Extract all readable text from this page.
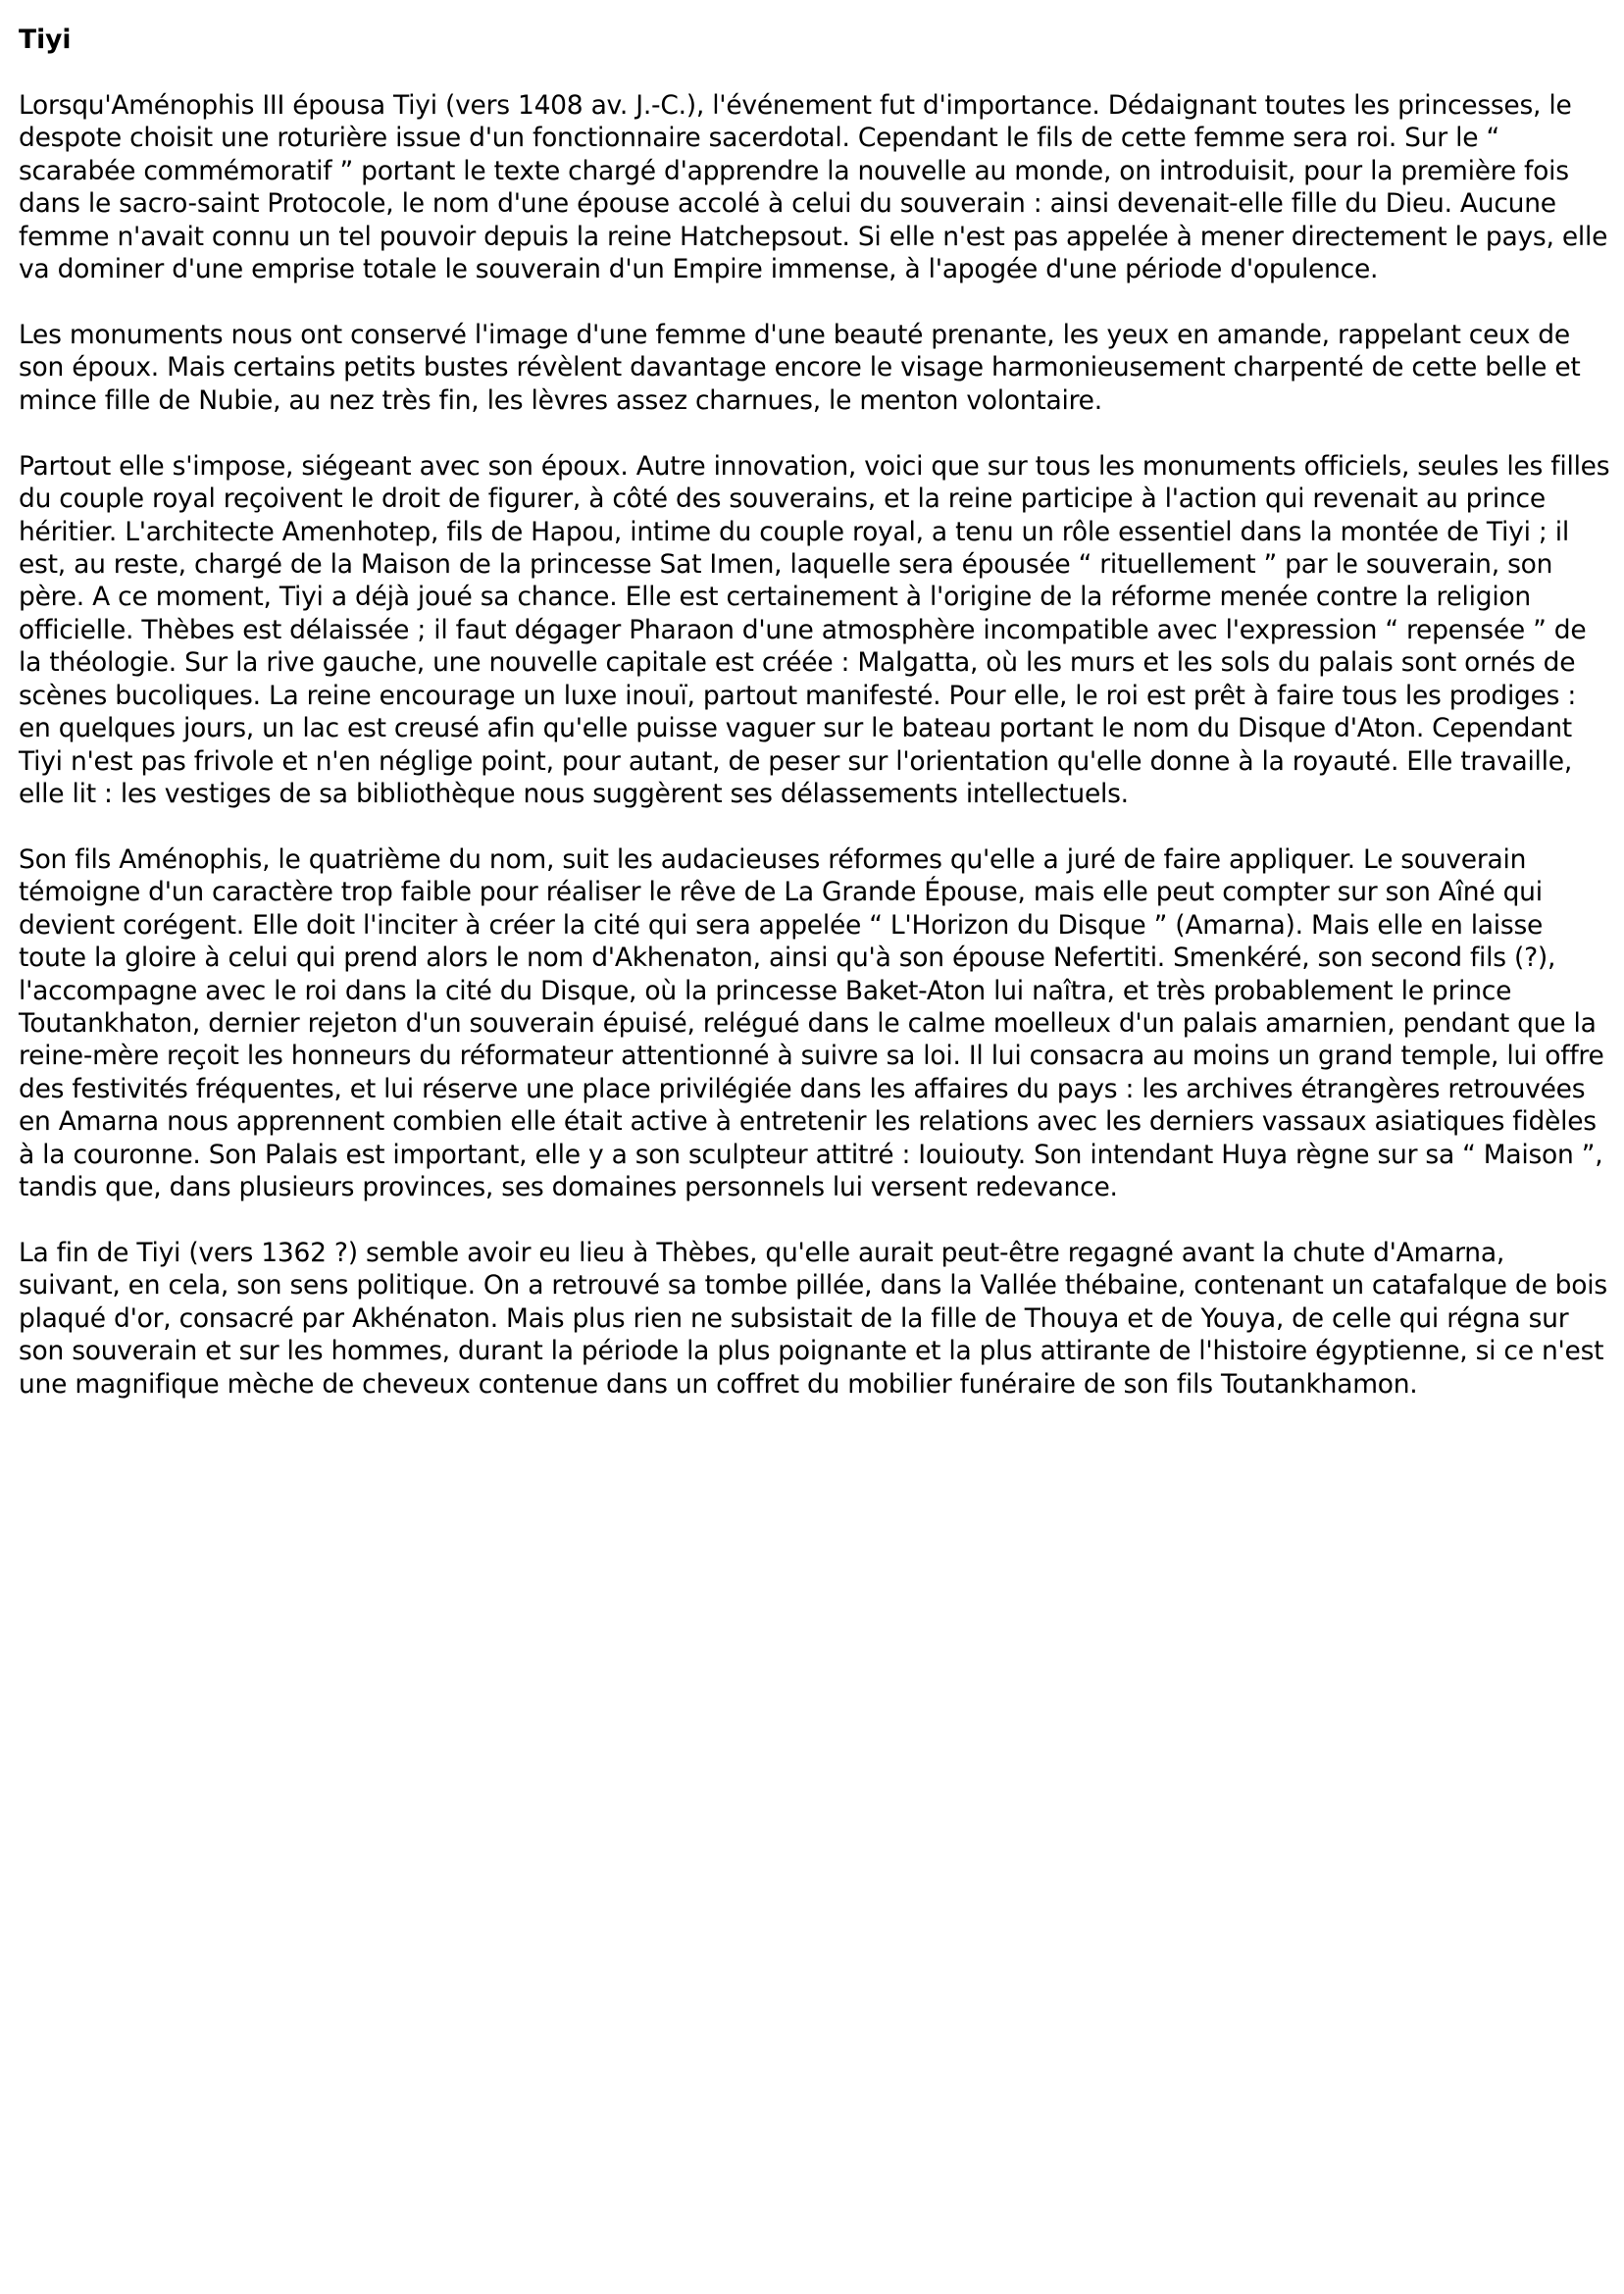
Tiyi

Lorsqu'Aménophis III épousa Tiyi (vers 1408 av. J.-C.), l'événement fut d'importance. Dédaignant toutes les princesses, le despote choisit une roturière issue d'un fonctionnaire sacerdotal. Cependant le fils de cette femme sera roi. Sur le “ scarabée commémoratif ” portant le texte chargé d'apprendre la nouvelle au monde, on introduisit, pour la première fois dans le sacro-saint Protocole, le nom d'une épouse accolé à celui du souverain : ainsi devenait-elle fille du Dieu. Aucune femme n'avait connu un tel pouvoir depuis la reine Hatchepsout. Si elle n'est pas appelée à mener directement le pays, elle va dominer d'une emprise totale le souverain d'un Empire immense, à l'apogée d'une période d'opulence.

Les monuments nous ont conservé l'image d'une femme d'une beauté prenante, les yeux en amande, rappelant ceux de son époux. Mais certains petits bustes révèlent davantage encore le visage harmonieusement charpenté de cette belle et mince fille de Nubie, au nez très fin, les lèvres assez charnues, le menton volontaire.

Partout elle s'impose, siégeant avec son époux. Autre innovation, voici que sur tous les monuments officiels, seules les filles du couple royal reçoivent le droit de figurer, à côté des souverains, et la reine participe à l'action qui revenait au prince héritier. L'architecte Amenhotep, fils de Hapou, intime du couple royal, a tenu un rôle essentiel dans la montée de Tiyi ; il est, au reste, chargé de la Maison de la princesse Sat Imen, laquelle sera épousée “ rituellement ” par le souverain, son père. A ce moment, Tiyi a déjà joué sa chance. Elle est certainement à l'origine de la réforme menée contre la religion officielle. Thèbes est délaissée ; il faut dégager Pharaon d'une atmosphère incompatible avec l'expression “ repensée ” de la théologie. Sur la rive gauche, une nouvelle capitale est créée : Malgatta, où les murs et les sols du palais sont ornés de scènes bucoliques. La reine encourage un luxe inouï, partout manifesté. Pour elle, le roi est prêt à faire tous les prodiges : en quelques jours, un lac est creusé afin qu'elle puisse vaguer sur le bateau portant le nom du Disque d'Aton. Cependant Tiyi n'est pas frivole et n'en néglige point, pour autant, de peser sur l'orientation qu'elle donne à la royauté. Elle travaille, elle lit : les vestiges de sa bibliothèque nous suggèrent ses délassements intellectuels.

Son fils Aménophis, le quatrième du nom, suit les audacieuses réformes qu'elle a juré de faire appliquer. Le souverain témoigne d'un caractère trop faible pour réaliser le rêve de La Grande Épouse, mais elle peut compter sur son Aîné qui devient corégent. Elle doit l'inciter à créer la cité qui sera appelée “ L'Horizon du Disque ” (Amarna). Mais elle en laisse toute la gloire à celui qui prend alors le nom d'Akhenaton, ainsi qu'à son épouse Nefertiti. Smenkéré, son second fils (?), l'accompagne avec le roi dans la cité du Disque, où la princesse Baket-Aton lui naîtra, et très probablement le prince Toutankhaton, dernier rejeton d'un souverain épuisé, relégué dans le calme moelleux d'un palais amarnien, pendant que la reine-mère reçoit les honneurs du réformateur attentionné à suivre sa loi. Il lui consacra au moins un grand temple, lui offre des festivités fréquentes, et lui réserve une place privilégiée dans les affaires du pays : les archives étrangères retrouvées en Amarna nous apprennent combien elle était active à entretenir les relations avec les derniers vassaux asiatiques fidèles à la couronne. Son Palais est important, elle y a son sculpteur attitré : Iouiouty. Son intendant Huya règne sur sa “ Maison ”, tandis que, dans plusieurs provinces, ses domaines personnels lui versent redevance.

La fin de Tiyi (vers 1362 ?) semble avoir eu lieu à Thèbes, qu'elle aurait peut-être regagné avant la chute d'Amarna, suivant, en cela, son sens politique. On a retrouvé sa tombe pillée, dans la Vallée thébaine, contenant un catafalque de bois plaqué d'or, consacré par Akhénaton. Mais plus rien ne subsistait de la fille de Thouya et de Youya, de celle qui régna sur son souverain et sur les hommes, durant la période la plus poignante et la plus attirante de l'histoire égyptienne, si ce n'est une magnifique mèche de cheveux contenue dans un coffret du mobilier funéraire de son fils Toutankhamon.
